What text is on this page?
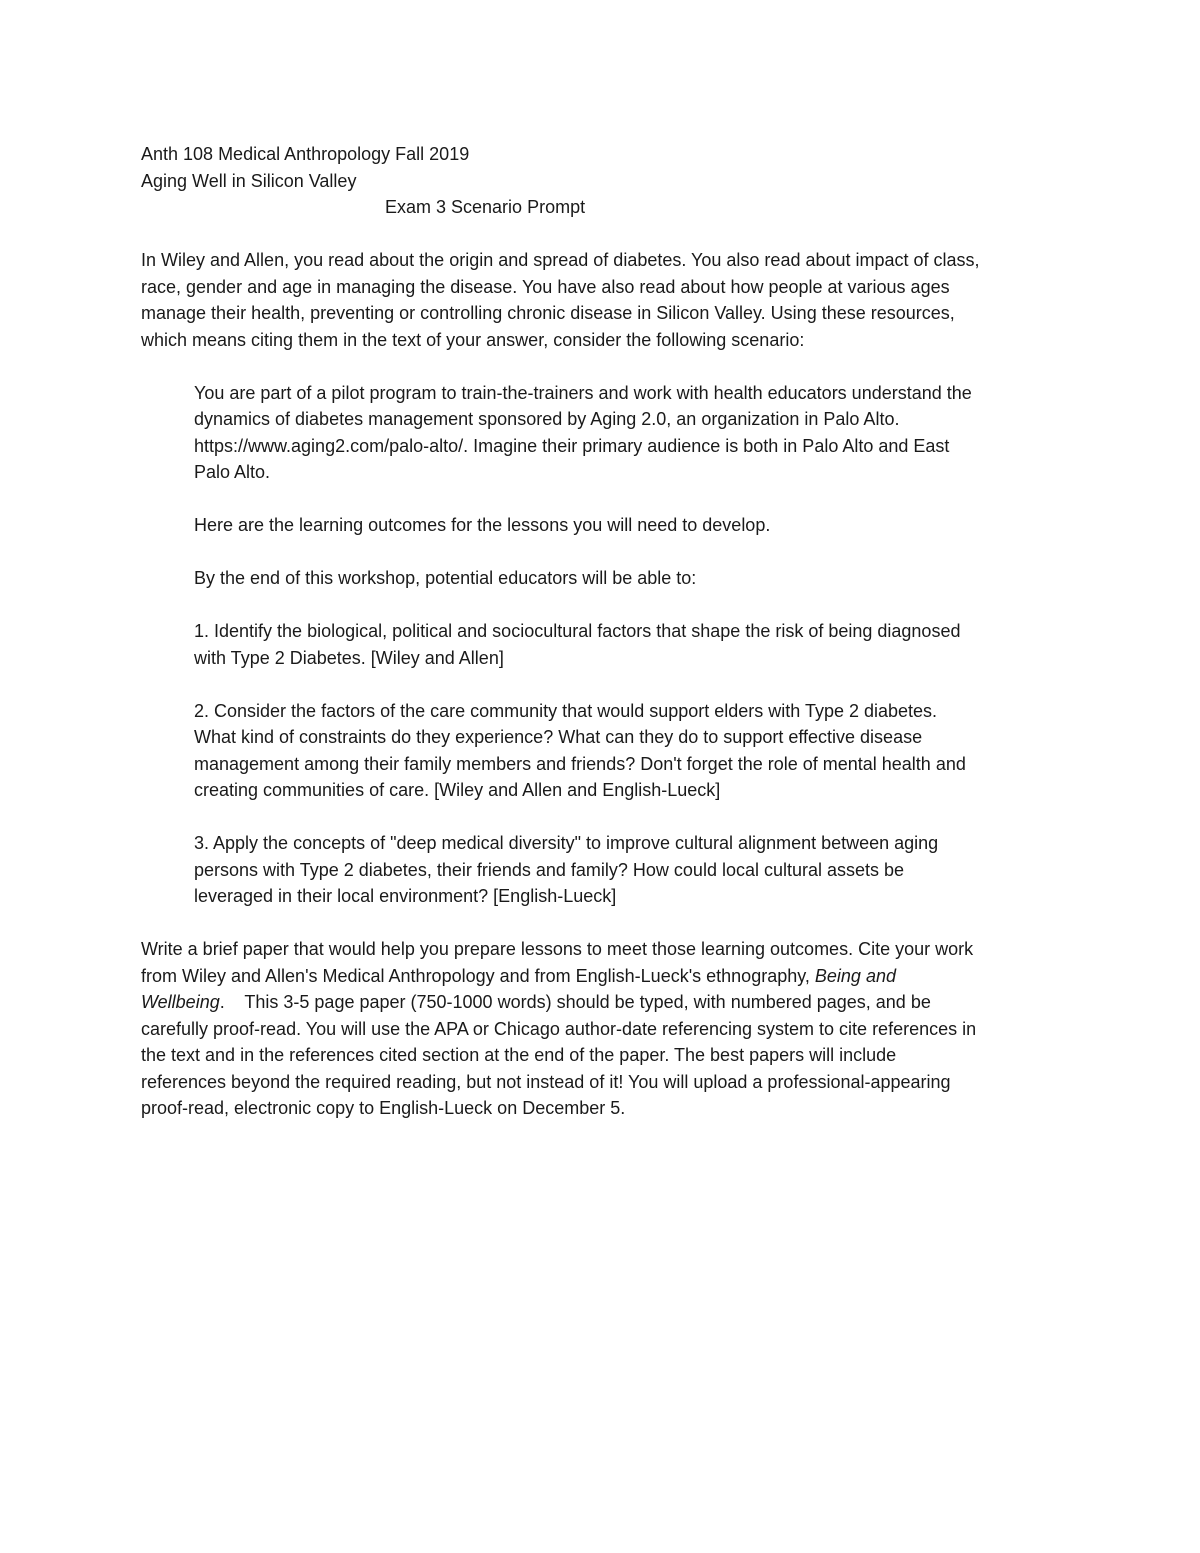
Anth 108 Medical Anthropology Fall 2019
Aging Well in Silicon Valley
Exam 3 Scenario Prompt
In Wiley and Allen, you read about the origin and spread of diabetes. You also read about impact of class,
race, gender and age in managing the disease. You have also read about how people at various ages
manage their health, preventing or controlling chronic disease in Silicon Valley. Using these resources,
which means citing them in the text of your answer, consider the following scenario:
You are part of a pilot program to train-the-trainers and work with health educators understand the
dynamics of diabetes management sponsored by Aging 2.0, an organization in Palo Alto.
https://www.aging2.com/palo-alto/. Imagine their primary audience is both in Palo Alto and East
Palo Alto.
Here are the learning outcomes for the lessons you will need to develop.
By the end of this workshop, potential educators will be able to:
1. Identify the biological, political and sociocultural factors that shape the risk of being diagnosed
with Type 2 Diabetes. [Wiley and Allen]
2. Consider the factors of the care community that would support elders with Type 2 diabetes.
What kind of constraints do they experience? What can they do to support effective disease
management among their family members and friends? Don't forget the role of mental health and
creating communities of care. [Wiley and Allen and English-Lueck]
3. Apply the concepts of "deep medical diversity" to improve cultural alignment between aging
persons with Type 2 diabetes, their friends and family? How could local cultural assets be
leveraged in their local environment? [English-Lueck]
Write a brief paper that would help you prepare lessons to meet those learning outcomes. Cite your work
from Wiley and Allen's Medical Anthropology and from English-Lueck's ethnography, Being and
Wellbeing.    This 3-5 page paper (750-1000 words) should be typed, with numbered pages, and be
carefully proof-read. You will use the APA or Chicago author-date referencing system to cite references in
the text and in the references cited section at the end of the paper. The best papers will include
references beyond the required reading, but not instead of it! You will upload a professional-appearing
proof-read, electronic copy to English-Lueck on December 5.
